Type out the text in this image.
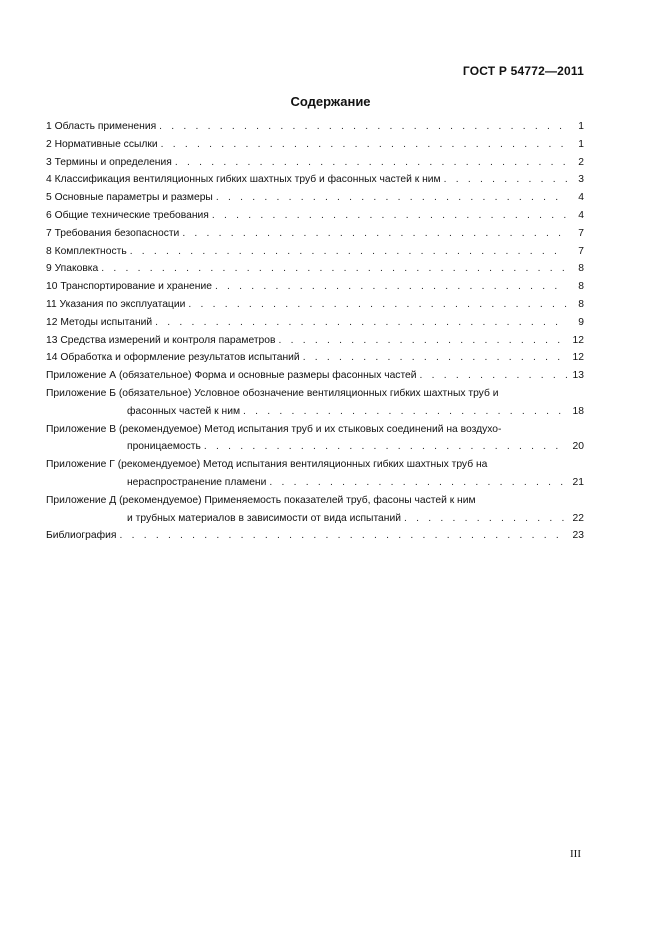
ГОСТ Р 54772—2011
Содержание
1 Область применения . . .	1
2 Нормативные ссылки . . .	1
3 Термины и определения . . .	2
4 Классификация вентиляционных гибких шахтных труб и фасонных частей к ним . . .	3
5 Основные параметры и размеры . . .	4
6 Общие технические требования . . .	4
7 Требования безопасности . . .	7
8 Комплектность . . .	7
9 Упаковка . . .	8
10 Транспортирование и хранение . . .	8
11 Указания по эксплуатации . . .	8
12 Методы испытаний . . .	9
13 Средства измерений и контроля параметров . . .	12
14 Обработка и оформление результатов испытаний . . .	12
Приложение А (обязательное) Форма и основные размеры фасонных частей . . .	13
Приложение Б (обязательное) Условное обозначение вентиляционных гибких шахтных труб и
фасонных частей к ним . . .	18
Приложение В (рекомендуемое) Метод испытания труб и их стыковых соединений на воздухо-
проницаемость . . .	20
Приложение Г (рекомендуемое) Метод испытания вентиляционных гибких шахтных труб на
нераспространение пламени . . .	21
Приложение Д (рекомендуемое) Применяемость показателей труб, фасоны частей к ним
и трубных материалов в зависимости от вида испытаний . . .	22
Библиография . . .	23
III
